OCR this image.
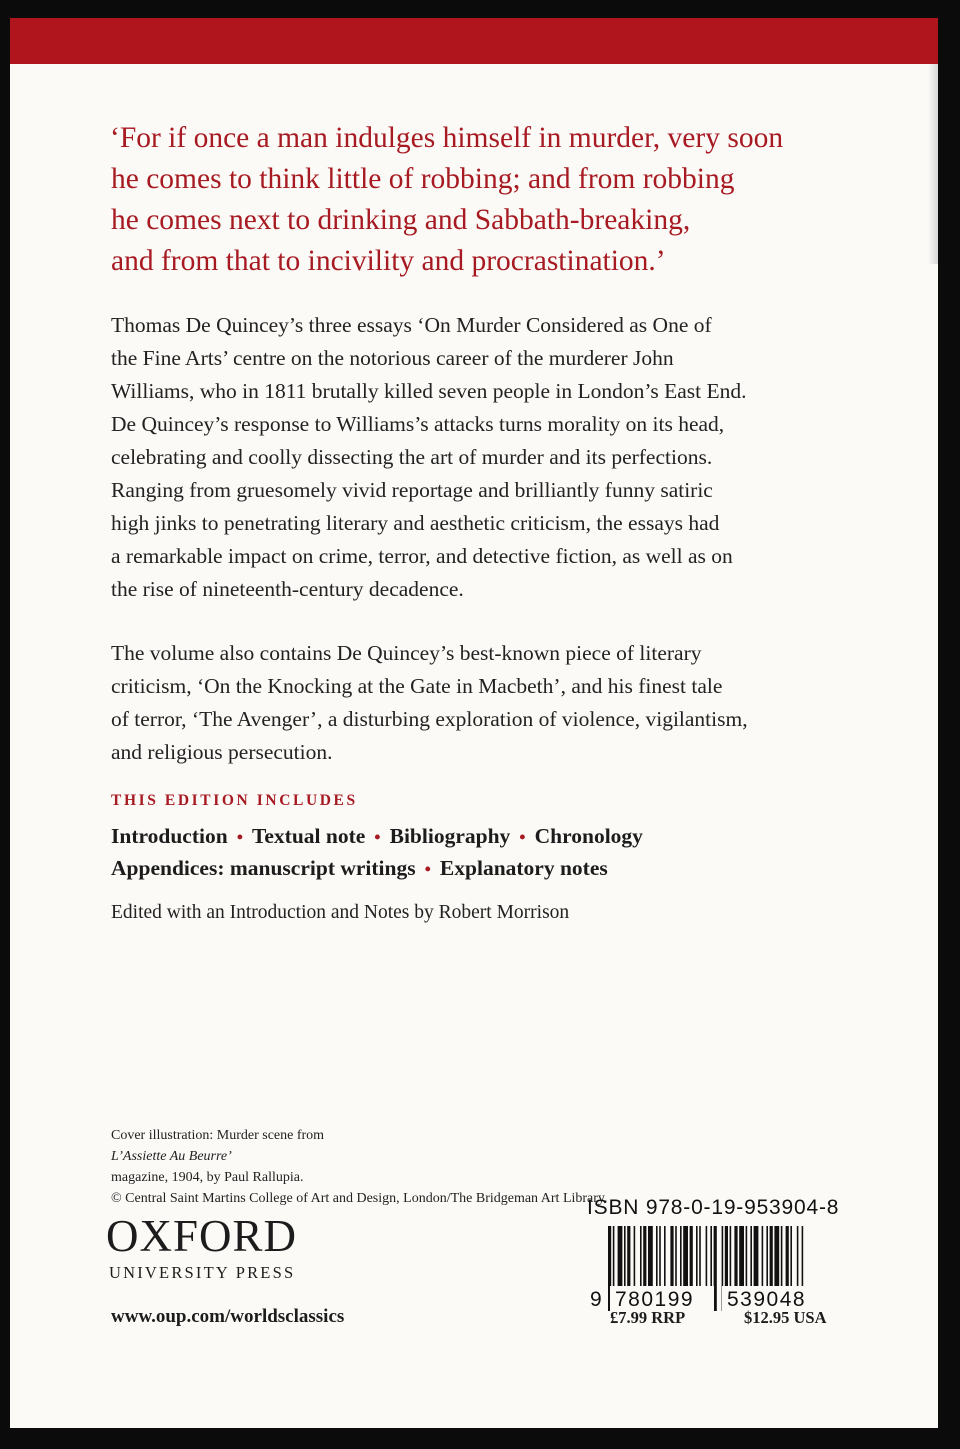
‘For if once a man indulges himself in murder, very soon
he comes to think little of robbing; and from robbing
he comes next to drinking and Sabbath-breaking,
and from that to incivility and procrastination.’

Thomas De Quincey’s three essays ‘On Murder Considered as One of
the Fine Arts’ centre on the notorious career of the murderer John
Williams, who in 1811 brutally killed seven people in London’s East End.
De Quincey’s response to Williams’s attacks turns morality on its head,
celebrating and coolly dissecting the art of murder and its perfections.
Ranging from gruesomely vivid reportage and brilliantly funny satiric
high jinks to penetrating literary and aesthetic criticism, the essays had
a remarkable impact on crime, terror, and detective fiction, as well as on
the rise of nineteenth-century decadence.

The volume also contains De Quincey’s best-known piece of literary
criticism, ‘On the Knocking at the Gate in Macbeth’, and his finest tale
of terror, ‘The Avenger’, a disturbing exploration of violence, vigilantism,
and religious persecution.

THIS EDITION INCLUDES

Introduction • Textual note • Bibliography • Chronology
Appendices: manuscript writings • Explanatory notes

Edited with an Introduction and Notes by Robert Morrison

Cover illustration: Murder scene from
L’Assiette Au Beurre’
magazine, 1904, by Paul Rallupia.
© Central Saint Martins College of Art and Design, London/The Bridgeman Art Library.

OXFORD
UNIVERSITY PRESS
www.oup.com/worldsclassics
ISBN 978-0-19-953904-8
9 780199 539048
£7.99 RRP	$12.95 USA
